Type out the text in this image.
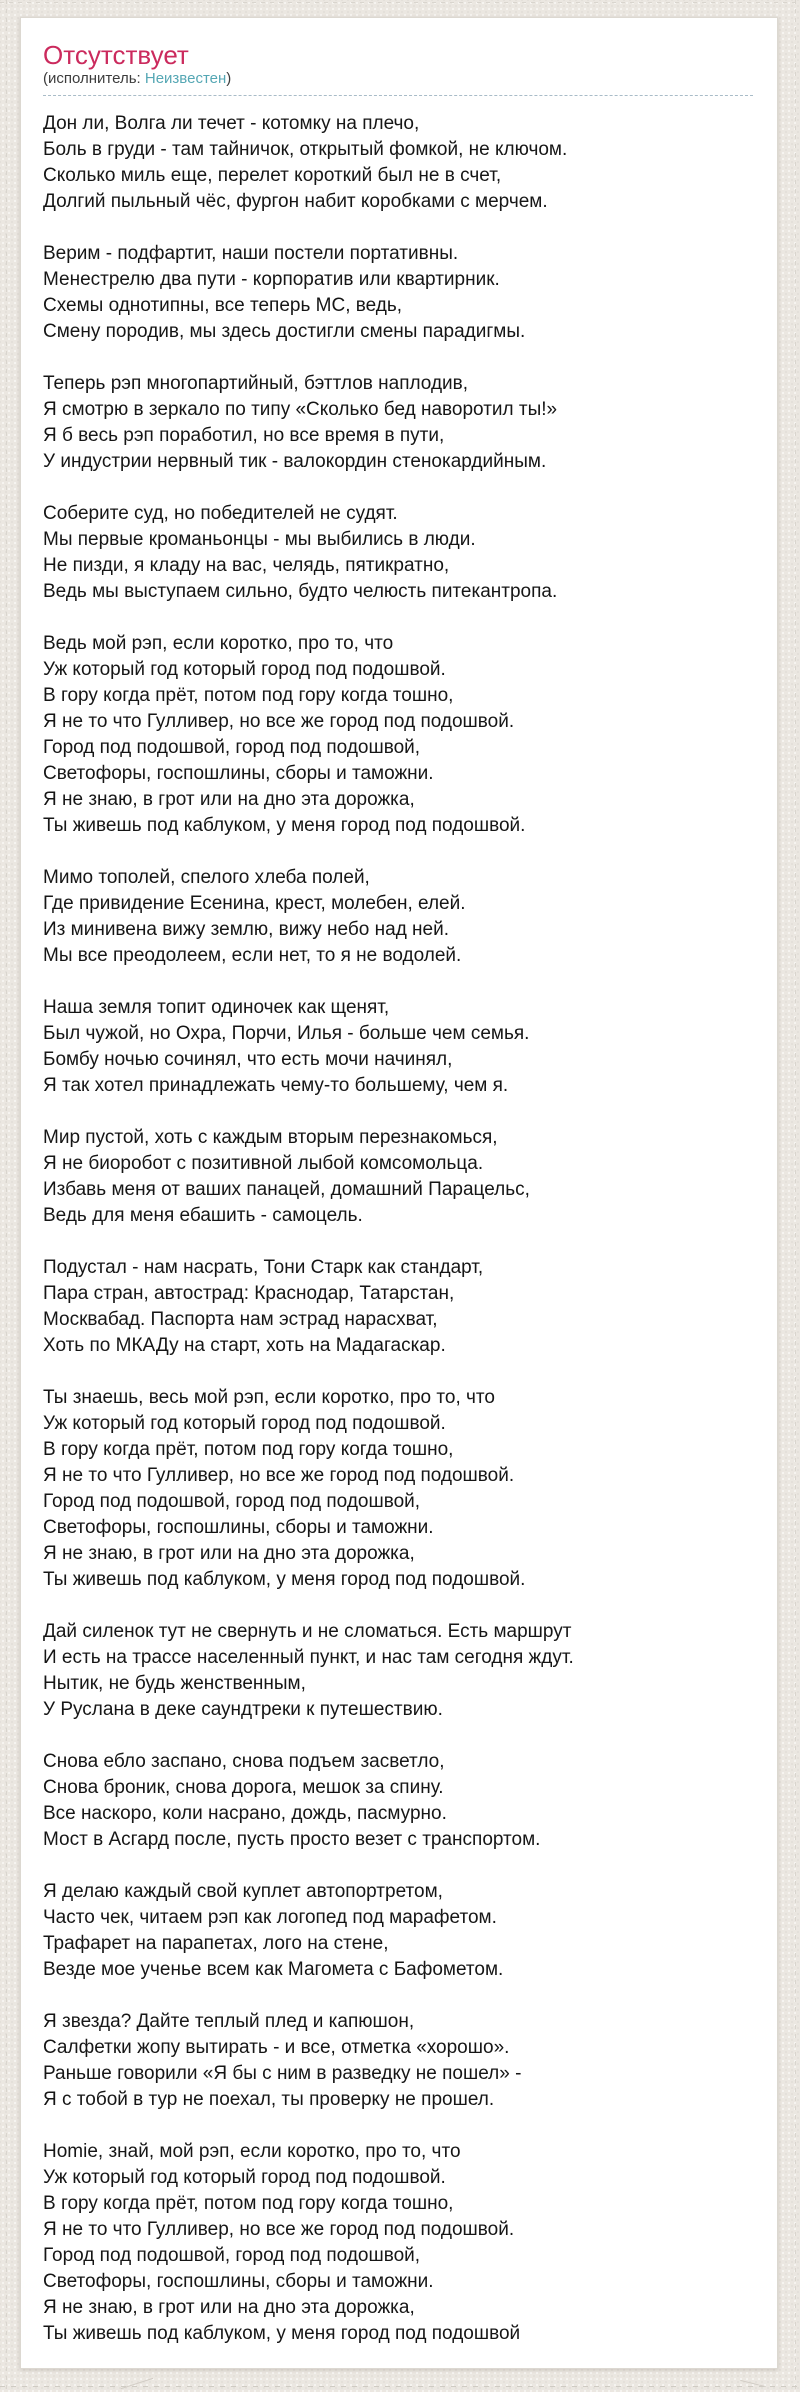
Отсутствует
(исполнитель: Неизвестен)

Дон ли, Волга ли течет - котомку на плечо,
Боль в груди - там тайничок, открытый фомкой, не ключом.
Сколько миль еще, перелет короткий был не в счет,
Долгий пыльный чёс, фургон набит коробками с мерчем.

Верим - подфартит, наши постели портативны.
Менестрелю два пути - корпоратив или квартирник.
Схемы однотипны, все теперь MC, ведь,
Смену породив, мы здесь достигли смены парадигмы.

Теперь рэп многопартийный, бэттлов наплодив,
Я смотрю в зеркало по типу «Сколько бед наворотил ты!»
Я б весь рэп поработил, но все время в пути,
У индустрии нервный тик - валокордин стенокардийным.

Соберите суд, но победителей не судят.
Мы первые кроманьонцы - мы выбились в люди.
Не пизди, я кладу на вас, челядь, пятикратно,
Ведь мы выступаем сильно, будто челюсть питекантропа.

Ведь мой рэп, если коротко, про то, что
Уж который год который город под подошвой.
В гору когда прёт, потом под гору когда тошно,
Я не то что Гулливер, но все же город под подошвой.
Город под подошвой, город под подошвой,
Светофоры, госпошлины, сборы и таможни.
Я не знаю, в грот или на дно эта дорожка,
Ты живешь под каблуком, у меня город под подошвой.

Мимо тополей, спелого хлеба полей,
Где привидение Есенина, крест, молебен, елей.
Из минивена вижу землю, вижу небо над ней.
Мы все преодолеем, если нет, то я не водолей.

Наша земля топит одиночек как щенят,
Был чужой, но Охра, Порчи, Илья - больше чем семья.
Бомбу ночью сочинял, что есть мочи начинял,
Я так хотел принадлежать чему-то большему, чем я.

Мир пустой, хоть с каждым вторым перезнакомься,
Я не биоробот с позитивной лыбой комсомольца.
Избавь меня от ваших панацей, домашний Парацельс,
Ведь для меня ебашить - самоцель.

Подустал - нам насрать, Тони Старк как стандарт,
Пара стран, автострад: Краснодар, Татарстан,
Москвабад. Паспорта нам эстрад нарасхват,
Хоть по МКАДу на старт, хоть на Мадагаскар.

Ты знаешь, весь мой рэп, если коротко, про то, что
Уж который год который город под подошвой.
В гору когда прёт, потом под гору когда тошно,
Я не то что Гулливер, но все же город под подошвой.
Город под подошвой, город под подошвой,
Светофоры, госпошлины, сборы и таможни.
Я не знаю, в грот или на дно эта дорожка,
Ты живешь под каблуком, у меня город под подошвой.

Дай силенок тут не свернуть и не сломаться. Есть маршрут
И есть на трассе населенный пункт, и нас там сегодня ждут.
Нытик, не будь женственным,
У Руслана в деке саундтреки к путешествию.

Снова ебло заспано, снова подъем засветло,
Снова броник, снова дорога, мешок за спину.
Все наскоро, коли насрано, дождь, пасмурно.
Мост в Асгард после, пусть просто везет с транспортом.

Я делаю каждый свой куплет автопортретом,
Часто чек, читаем рэп как логопед под марафетом.
Трафарет на парапетах, лого на стене,
Везде мое ученье всем как Магомета с Бафометом.

Я звезда? Дайте теплый плед и капюшон,
Салфетки жопу вытирать - и все, отметка «хорошо».
Раньше говорили «Я бы с ним в разведку не пошел» -
Я с тобой в тур не поехал, ты проверку не прошел.

Homie, знай, мой рэп, если коротко, про то, что
Уж который год который город под подошвой.
В гору когда прёт, потом под гору когда тошно,
Я не то что Гулливер, но все же город под подошвой.
Город под подошвой, город под подошвой,
Светофоры, госпошлины, сборы и таможни.
Я не знаю, в грот или на дно эта дорожка,
Ты живешь под каблуком, у меня город под подошвой
